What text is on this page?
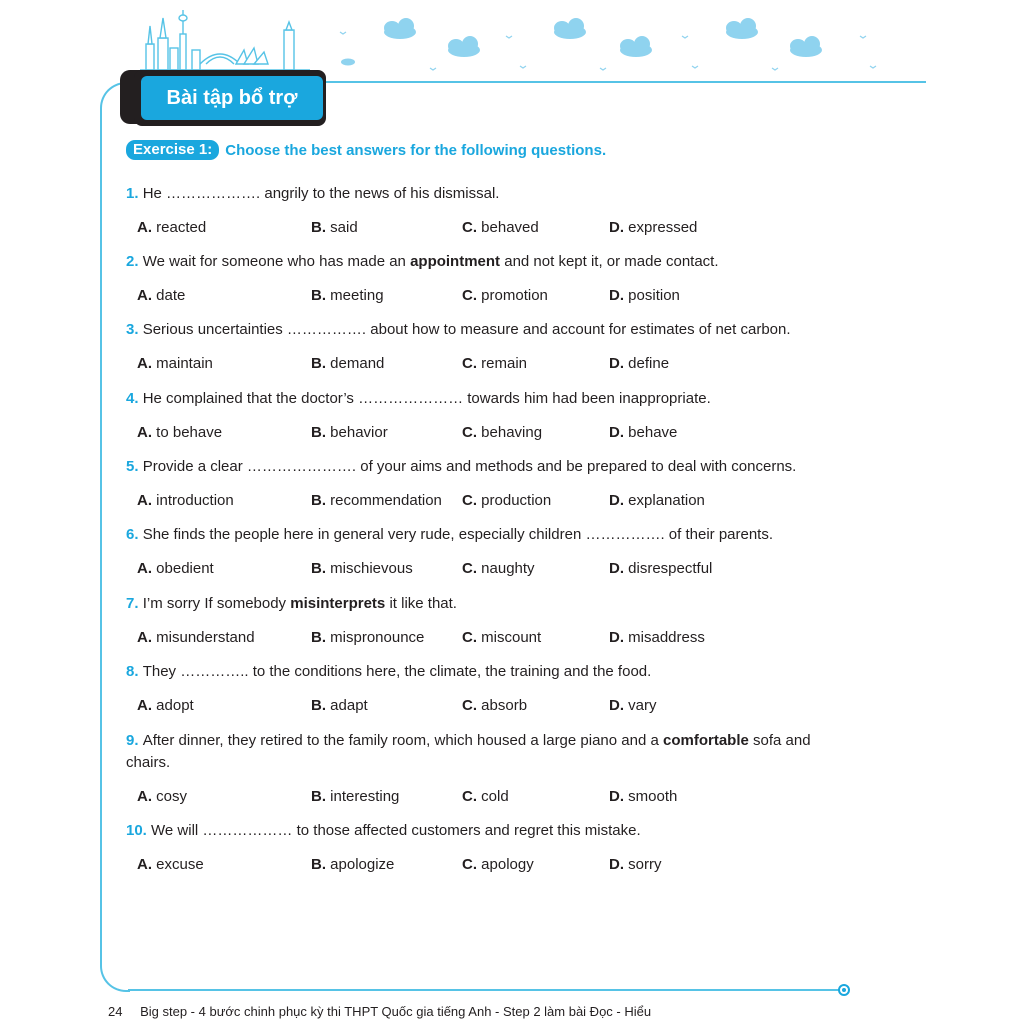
Bài tập bổ trợ
Exercise 1: Choose the best answers for the following questions.
1. He ………………. angrily to the news of his dismissal.
A. reacted	B. said	C. behaved	D. expressed
2. We wait for someone who has made an appointment and not kept it, or made contact.
A. date	B. meeting	C. promotion	D. position
3. Serious uncertainties ……………. about how to measure and account for estimates of net carbon.
A. maintain	B. demand	C. remain	D. define
4. He complained that the doctor’s ………………… towards him had been inappropriate.
A. to behave	B. behavior	C. behaving	D. behave
5. Provide a clear …………………. of your aims and methods and be prepared to deal with concerns.
A. introduction	B. recommendation C. production	D. explanation
6. She finds the people here in general very rude, especially children ……………. of their parents.
A. obedient	B. mischievous	C. naughty	D. disrespectful
7. I’m sorry If somebody misinterprets it like that.
A. misunderstand	B. mispronounce	C. miscount	D. misaddress
8. They ………….. to the conditions here, the climate, the training and the food.
A. adopt	B. adapt	C. absorb	D. vary
9. After dinner, they retired to the family room, which housed a large piano and a comfortable sofa and chairs.
A. cosy	B. interesting	C. cold	D. smooth
10. We will ……………… to those affected customers and regret this mistake.
A. excuse	B. apologize	C. apology	D. sorry
24 Big step - 4 bước chinh phục kỳ thi THPT Quốc gia tiếng Anh - Step 2 làm bài Đọc - Hiểu
